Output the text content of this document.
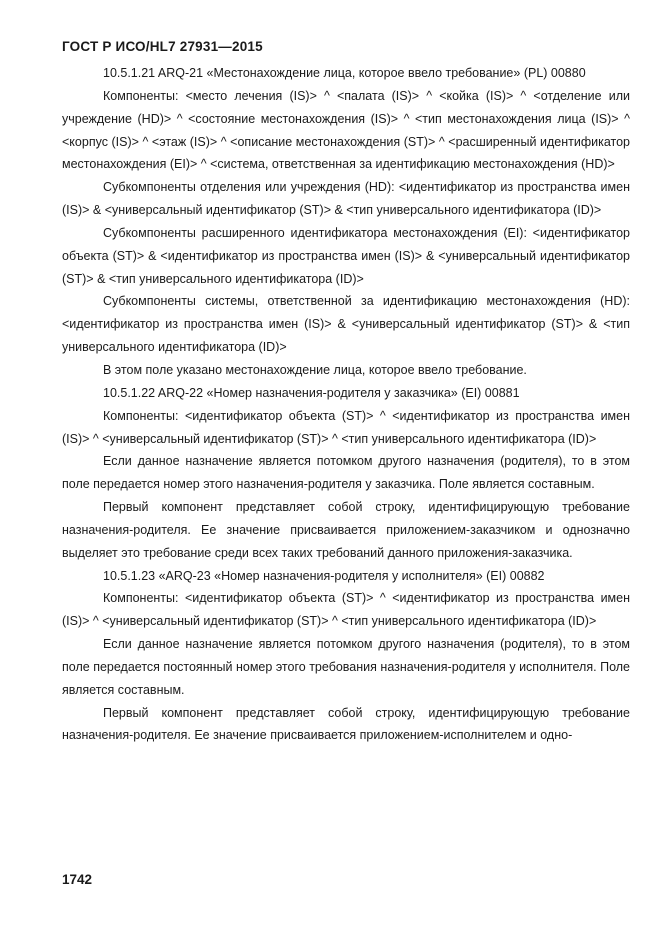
ГОСТ Р ИСО/HL7 27931—2015

10.5.1.21 ARQ-21 «Местонахождение лица, которое ввело требование» (PL) 00880

Компоненты: <место лечения (IS)> ^ <палата (IS)> ^ <койка (IS)> ^ <отделение или учреждение (HD)> ^ <состояние местонахождения (IS)> ^ <тип местонахождения лица (IS)> ^ <корпус (IS)> ^ <этаж (IS)> ^ <описание местонахождения (ST)> ^ <расширенный идентификатор местонахождения (EI)> ^ <система, ответственная за идентификацию местонахождения (HD)>

Субкомпоненты отделения или учреждения (HD): <идентификатор из пространства имен (IS)> & <универсальный идентификатор (ST)> & <тип универсального идентификатора (ID)>

Субкомпоненты расширенного идентификатора местонахождения (EI): <идентификатор объекта (ST)> & <идентификатор из пространства имен (IS)> & <универсальный идентификатор (ST)> & <тип универсального идентификатора (ID)>

Субкомпоненты системы, ответственной за идентификацию местонахождения (HD): <идентификатор из пространства имен (IS)> & <универсальный идентификатор (ST)> & <тип универсального идентификатора (ID)>

В этом поле указано местонахождение лица, которое ввело требование.

10.5.1.22 ARQ-22 «Номер назначения-родителя у заказчика» (EI) 00881

Компоненты: <идентификатор объекта (ST)> ^ <идентификатор из пространства имен (IS)> ^ <универсальный идентификатор (ST)> ^ <тип универсального идентификатора (ID)>

Если данное назначение является потомком другого назначения (родителя), то в этом поле передается номер этого назначения-родителя у заказчика. Поле является составным.

Первый компонент представляет собой строку, идентифицирующую требование назначения-родителя. Ее значение присваивается приложением-заказчиком и однозначно выделяет это требование среди всех таких требований данного приложения-заказчика.

10.5.1.23 «ARQ-23 «Номер назначения-родителя у исполнителя» (EI) 00882

Компоненты: <идентификатор объекта (ST)> ^ <идентификатор из пространства имен (IS)> ^ <универсальный идентификатор (ST)> ^ <тип универсального идентификатора (ID)>

Если данное назначение является потомком другого назначения (родителя), то в этом поле передается постоянный номер этого требования назначения-родителя у исполнителя. Поле является составным.

Первый компонент представляет собой строку, идентифицирующую требование назначения-родителя. Ее значение присваивается приложением-исполнителем и одно-

1742
